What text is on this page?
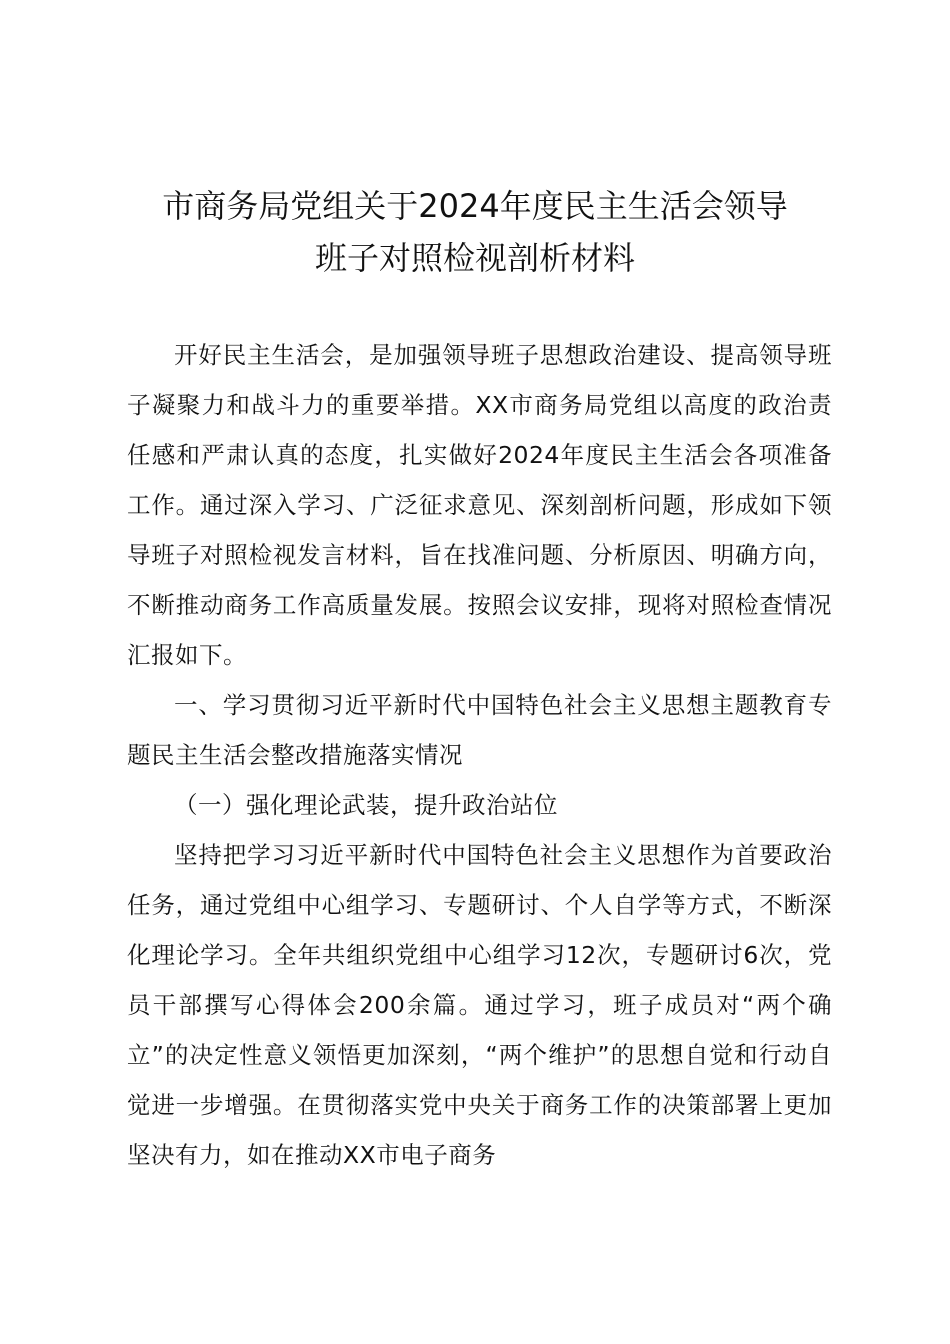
市商务局党组关于2024年度民主生活会领导
班子对照检视剖析材料

开好民主生活会，是加强领导班子思想政治建设、提高领导班子凝聚力和战斗力的重要举措。XX市商务局党组以高度的政治责任感和严肃认真的态度，扎实做好2024年度民主生活会各项准备工作。通过深入学习、广泛征求意见、深刻剖析问题，形成如下领导班子对照检视发言材料，旨在找准问题、分析原因、明确方向，不断推动商务工作高质量发展。按照会议安排，现将对照检查情况汇报如下。

一、学习贯彻习近平新时代中国特色社会主义思想主题教育专题民主生活会整改措施落实情况

（一）强化理论武装，提升政治站位

坚持把学习习近平新时代中国特色社会主义思想作为首要政治任务，通过党组中心组学习、专题研讨、个人自学等方式，不断深化理论学习。全年共组织党组中心组学习12次，专题研讨6次，党员干部撰写心得体会200余篇。通过学习，班子成员对“两个确立”的决定性意义领悟更加深刻，“两个维护”的思想自觉和行动自觉进一步增强。在贯彻落实党中央关于商务工作的决策部署上更加坚决有力，如在推动XX市电子商务
